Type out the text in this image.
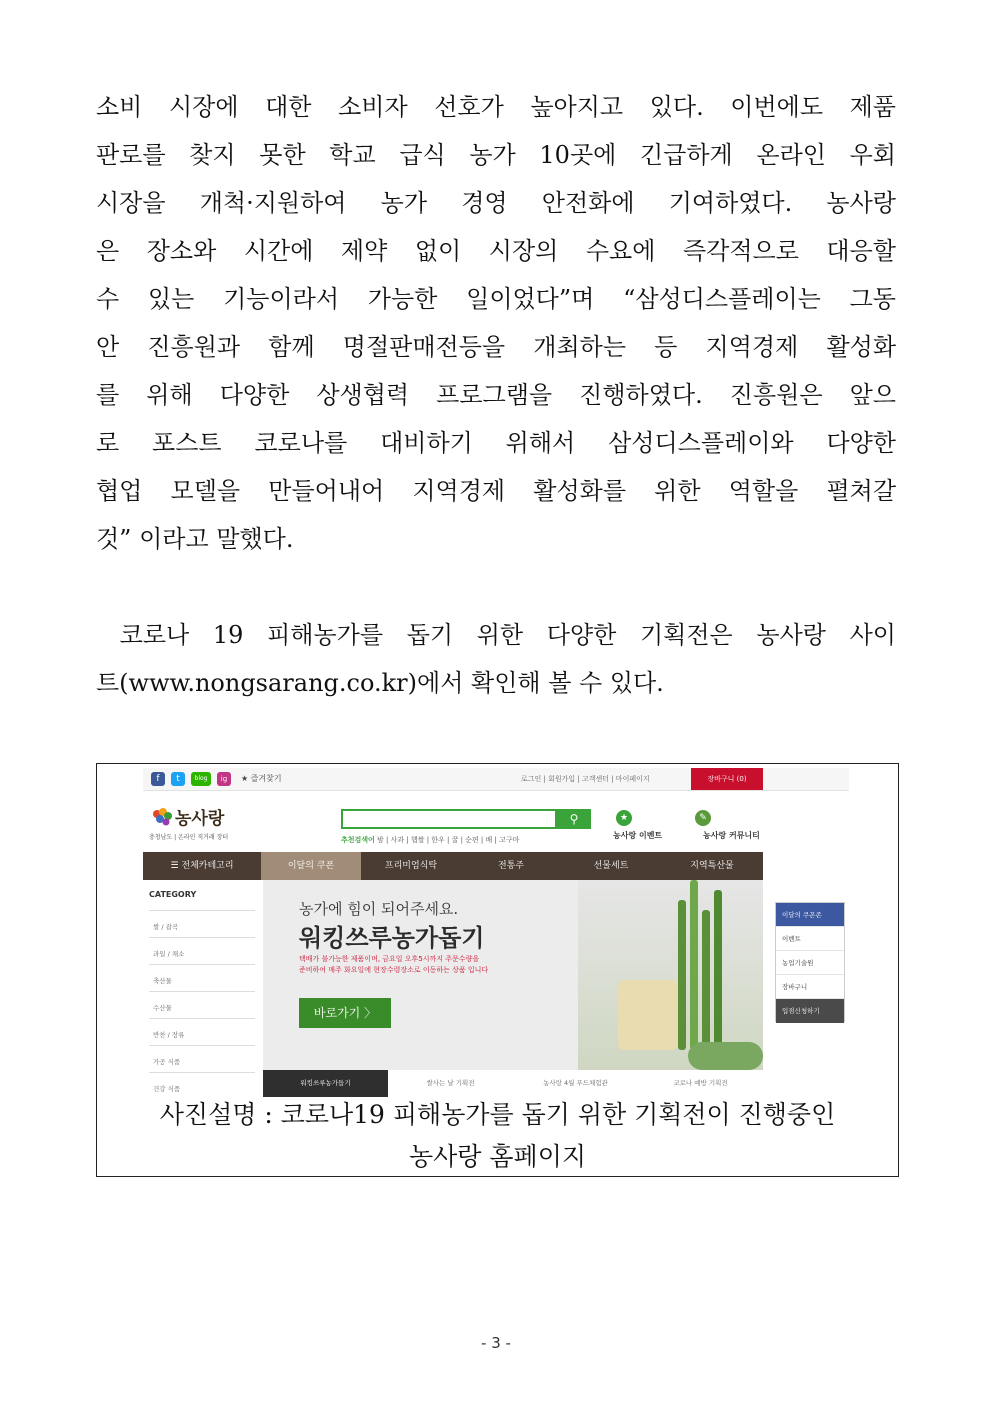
소비 시장에 대한 소비자 선호가 높아지고 있다. 이번에도 제품
판로를 찾지 못한 학교 급식 농가 10곳에 긴급하게 온라인 우회
시장을 개척·지원하여 농가 경영 안전화에 기여하였다. 농사랑
은 장소와 시간에 제약 없이 시장의 수요에 즉각적으로 대응할
수 있는 기능이라서 가능한 일이었다”며 “삼성디스플레이는 그동
안 진흥원과 함께 명절판매전등을 개최하는 등 지역경제 활성화
를 위해 다양한 상생협력 프로그램을 진행하였다. 진흥원은 앞으
로 포스트 코로나를 대비하기 위해서 삼성디스플레이와 다양한
협업 모델을 만들어내어 지역경제 활성화를 위한 역할을 펼쳐갈
것” 이라고 말했다.
코로나 19 피해농가를 돕기 위한 다양한 기획전은 농사랑 사이
트(www.nongsarang.co.kr)에서 확인해 볼 수 있다.
f	t	blog	ig	★ 즐겨찾기	로그인 | 회원가입 | 고객센터 | 마이페이지	장바구니 (0)
농사랑
충청남도 | 온라인 직거래 장터
⚲
추천검색어 밤 | 사과 | 햅쌀 | 한우 | 꿀 | 순편 | 배 | 고구마
★
농사랑 이벤트
✎
농사랑 커뮤니티
☰ 전체카테고리	이달의 쿠폰	프리미엄식탁	전통주	선물세트	지역특산물
CATEGORY
쌀 / 잡곡
과일 / 채소
축산물
수산물
반찬 / 장류
가공 식품
건강 식품
농가에 힘이 되어주세요.
워킹쓰루농가돕기
택배가 불가능한 제품이며, 금요일 오후5시까지 주문수량을
준비하여 매주 화요일에 현장수령장소로 이동하는 상품 입니다
바로가기 〉
워킹쓰루농가돕기	쌀사는 날 기획전	농사랑 4월 푸드체험관	코로나 예방 기획전
이달의 쿠폰존
이벤트
농업기술원
장바구니
입점신청하기
사진설명 : 코로나19 피해농가를 돕기 위한 기획전이 진행중인
농사랑 홈페이지
- 3 -
